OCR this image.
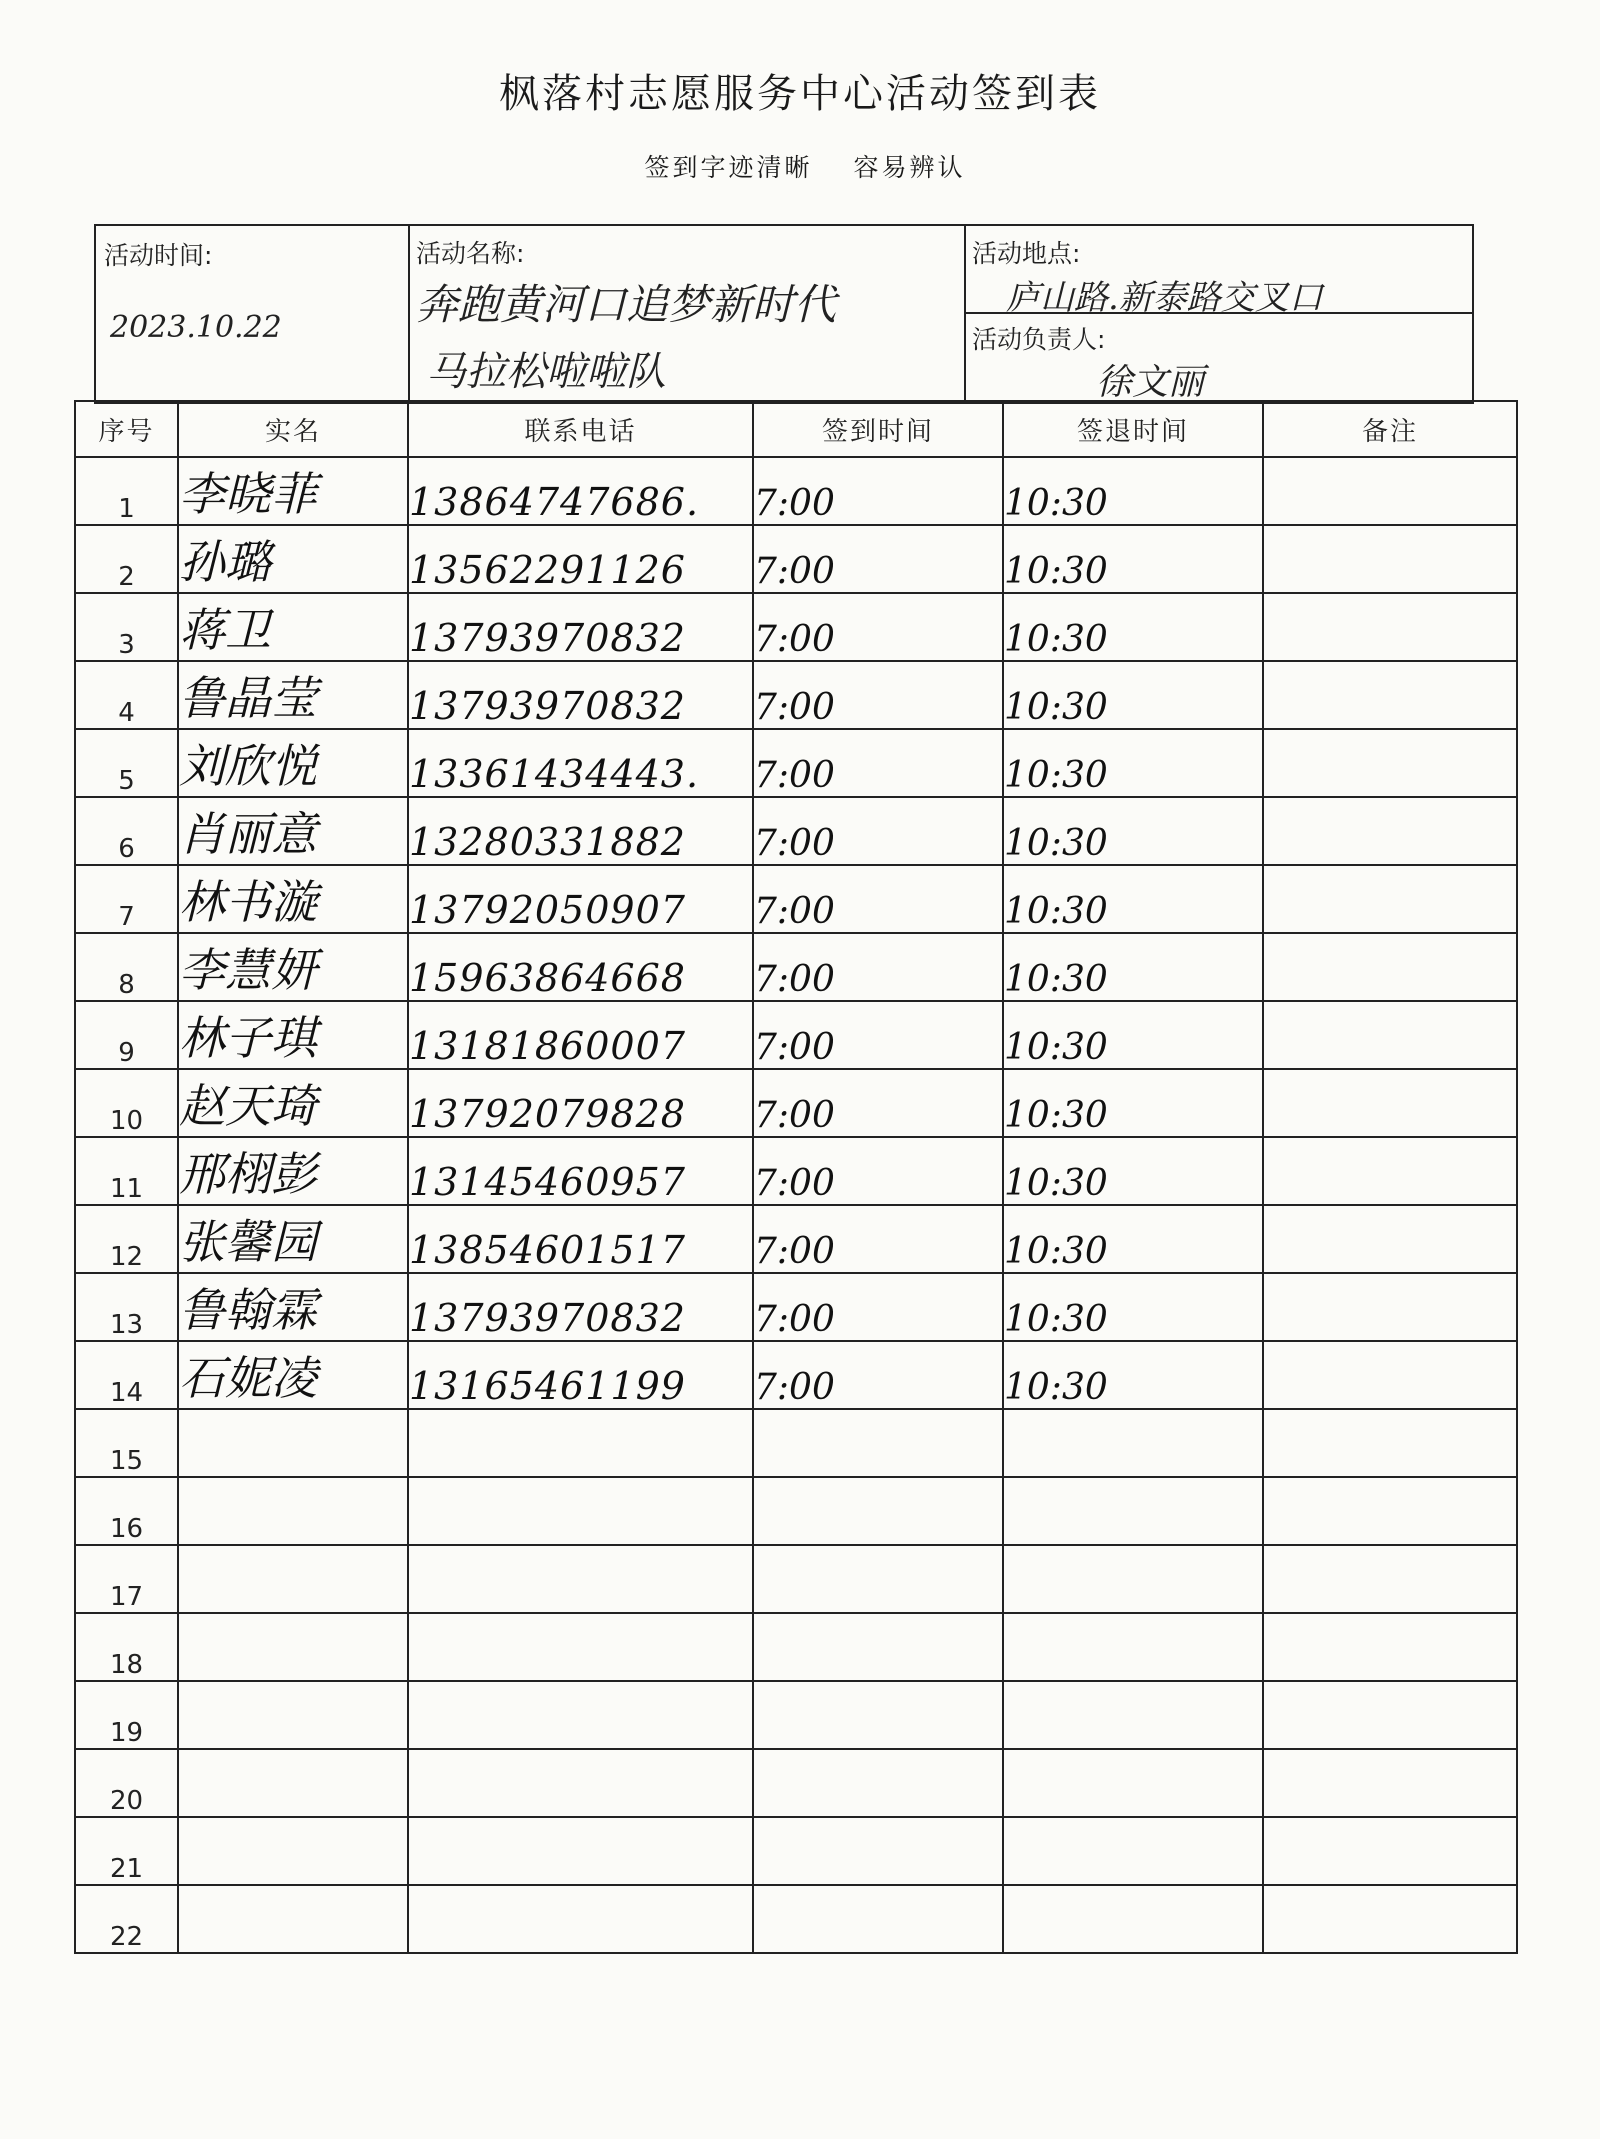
枫落村志愿服务中心活动签到表
签到字迹清晰 容易辨认
活动时间:
2023.10.22
活动名称:
奔跑黄河口追梦新时代
马拉松啦啦队
活动地点:
庐山路.新泰路交叉口
活动负责人:
徐文丽
序号	实名	联系电话	签到时间	签退时间	备注
1	李晓菲	13864747686.	7:00	10:30	
2	孙璐	13562291126	7:00	10:30	
3	蒋卫	13793970832	7:00	10:30	
4	鲁晶莹	13793970832	7:00	10:30	
5	刘欣悦	13361434443.	7:00	10:30	
6	肖丽意	13280331882	7:00	10:30	
7	林书漩	13792050907	7:00	10:30	
8	李慧妍	15963864668	7:00	10:30	
9	林子琪	13181860007	7:00	10:30	
10	赵天琦	13792079828	7:00	10:30	
11	邢栩彭	13145460957	7:00	10:30	
12	张馨园	13854601517	7:00	10:30	
13	鲁翰霖	13793970832	7:00	10:30	
14	石妮凌	13165461199	7:00	10:30	
15					
16					
17					
18					
19					
20					
21					
22					
